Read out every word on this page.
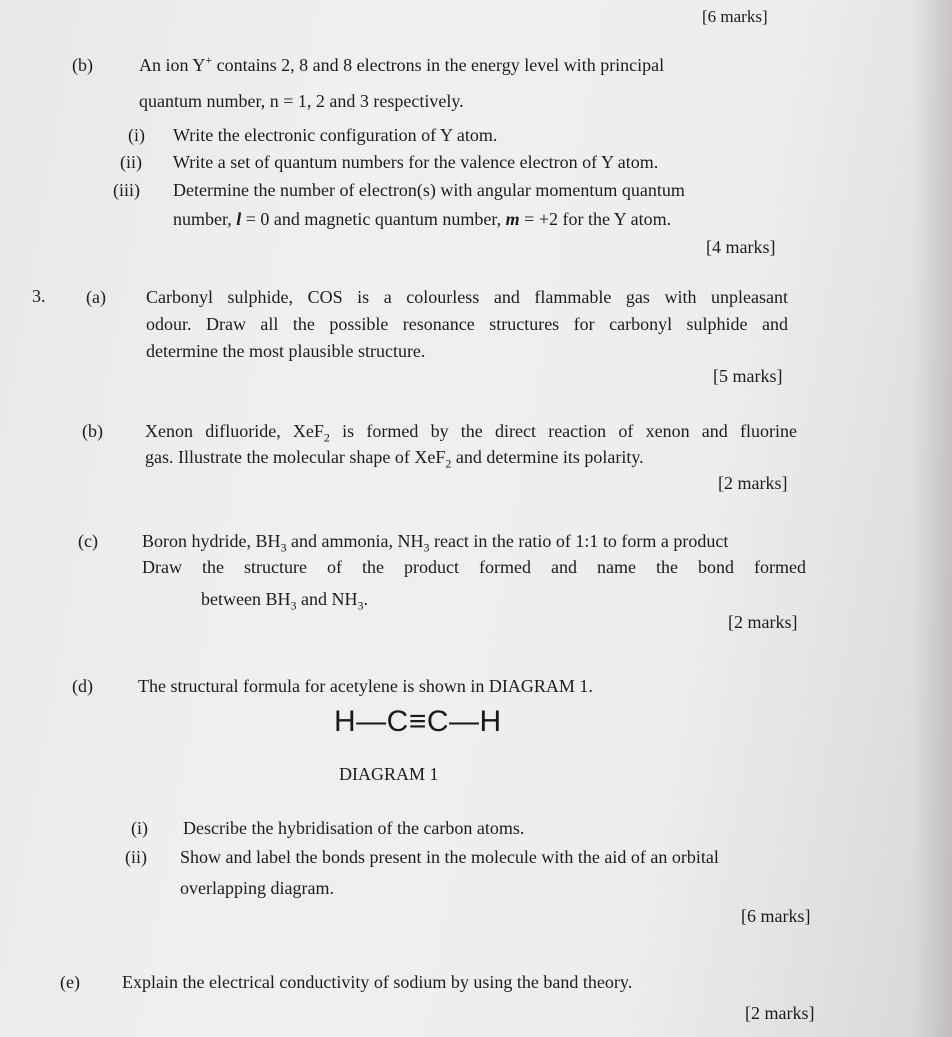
[6 marks]
(b)	An ion Y+ contains 2, 8 and 8 electrons in the energy level with principal
quantum number, n = 1, 2 and 3 respectively.
(i) Write the electronic configuration of Y atom.
(ii) Write a set of quantum numbers for the valence electron of Y atom.
(iii) Determine the number of electron(s) with angular momentum quantum
number, l = 0 and magnetic quantum number, m = +2 for the Y atom.
[4 marks]
3. (a) Carbonyl sulphide, COS is a colourless and flammable gas with unpleasant
odour. Draw all the possible resonance structures for carbonyl sulphide and
determine the most plausible structure.
[5 marks]
(b) Xenon difluoride, XeF$_2$ is formed by the direct reaction of xenon and fluorine
gas. Illustrate the molecular shape of XeF$_2$ and determine its polarity.
[2 marks]
(c) Boron hydride, $BH_3$ and ammonia, $NH_3$ react in the ratio of 1:1 to form a product
Draw the structure of the product formed and name the bond formed
between $BH_3$ and $NH_3$.
[2 marks]
(d)	The structural formula for acetylene is shown in DIAGRAM 1.
H—C≡C—H
DIAGRAM 1
(i) Describe the hybridisation of the carbon atoms.
(ii) Show and label the bonds present in the molecule with the aid of an orbital
overlapping diagram.
[6 marks]
(e) Explain the electrical conductivity of sodium by using the band theory.
[2 marks]
